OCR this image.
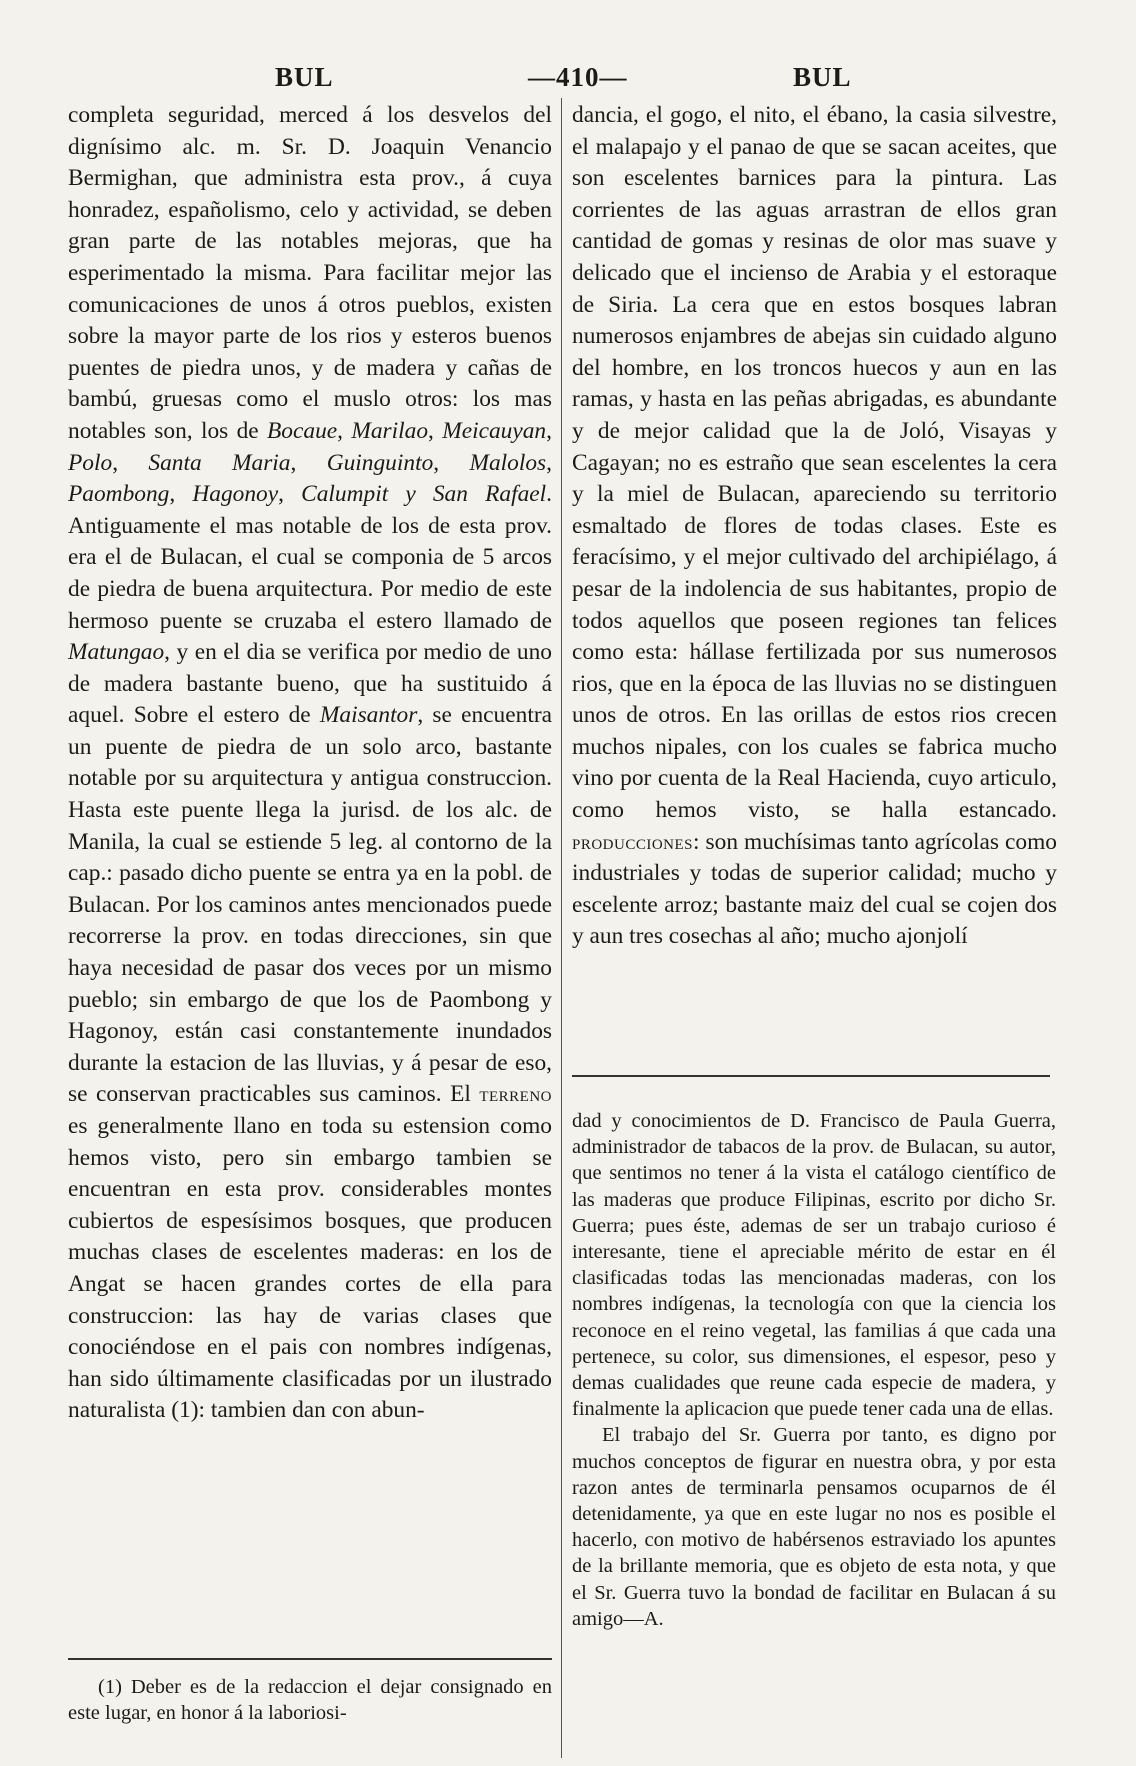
BUL	—410—	BUL
completa seguridad, merced á los desvelos del dignísimo alc. m. Sr. D. Joaquin Venancio Bermighan, que administra esta prov., á cuya honradez, españolismo, celo y actividad, se deben gran parte de las notables mejoras, que ha esperimentado la misma. Para facilitar mejor las comunicaciones de unos á otros pueblos, existen sobre la mayor parte de los rios y esteros buenos puentes de piedra unos, y de madera y cañas de bambú, gruesas como el muslo otros: los mas notables son, los de Bocaue, Marilao, Meicauyan, Polo, Santa Maria, Guinguinto, Malolos, Paombong, Hagonoy, Calumpit y San Rafael. Antiguamente el mas notable de los de esta prov. era el de Bulacan, el cual se componia de 5 arcos de piedra de buena arquitectura. Por medio de este hermoso puente se cruzaba el estero llamado de Matungao, y en el dia se verifica por medio de uno de madera bastante bueno, que ha sustituido á aquel. Sobre el estero de Maisantor, se encuentra un puente de piedra de un solo arco, bastante notable por su arquitectura y antigua construccion. Hasta este puente llega la jurisd. de los alc. de Manila, la cual se estiende 5 leg. al contorno de la cap.: pasado dicho puente se entra ya en la pobl. de Bulacan. Por los caminos antes mencionados puede recorrerse la prov. en todas direcciones, sin que haya necesidad de pasar dos veces por un mismo pueblo; sin embargo de que los de Paombong y Hagonoy, están casi constantemente inundados durante la estacion de las lluvias, y á pesar de eso, se conservan practicables sus caminos. El terreno es generalmente llano en toda su estension como hemos visto, pero sin embargo tambien se encuentran en esta prov. considerables montes cubiertos de espesísimos bosques, que producen muchas clases de escelentes maderas: en los de Angat se hacen grandes cortes de ella para construccion: las hay de varias clases que conociéndose en el pais con nombres indígenas, han sido últimamente clasificadas por un ilustrado naturalista (1): tambien dan con abun-
dancia, el gogo, el nito, el ébano, la casia silvestre, el malapajo y el panao de que se sacan aceites, que son escelentes barnices para la pintura. Las corrientes de las aguas arrastran de ellos gran cantidad de gomas y resinas de olor mas suave y delicado que el incienso de Arabia y el estoraque de Siria. La cera que en estos bosques labran numerosos enjambres de abejas sin cuidado alguno del hombre, en los troncos huecos y aun en las ramas, y hasta en las peñas abrigadas, es abundante y de mejor calidad que la de Joló, Visayas y Cagayan; no es estraño que sean escelentes la cera y la miel de Bulacan, apareciendo su territorio esmaltado de flores de todas clases. Este es feracísimo, y el mejor cultivado del archipiélago, á pesar de la indolencia de sus habitantes, propio de todos aquellos que poseen regiones tan felices como esta: hállase fertilizada por sus numerosos rios, que en la época de las lluvias no se distinguen unos de otros. En las orillas de estos rios crecen muchos nipales, con los cuales se fabrica mucho vino por cuenta de la Real Hacienda, cuyo articulo, como hemos visto, se halla estancado. producciones: son muchísimas tanto agrícolas como industriales y todas de superior calidad; mucho y escelente arroz; bastante maiz del cual se cojen dos y aun tres cosechas al año; mucho ajonjolí

dad y conocimientos de D. Francisco de Paula Guerra, administrador de tabacos de la prov. de Bulacan, su autor, que sentimos no tener á la vista el catálogo científico de las maderas que produce Filipinas, escrito por dicho Sr. Guerra; pues éste, ademas de ser un trabajo curioso é interesante, tiene el apreciable mérito de estar en él clasificadas todas las mencionadas maderas, con los nombres indígenas, la tecnología con que la ciencia los reconoce en el reino vegetal, las familias á que cada una pertenece, su color, sus dimensiones, el espesor, peso y demas cualidades que reune cada especie de madera, y finalmente la aplicacion que puede tener cada una de ellas.

El trabajo del Sr. Guerra por tanto, es digno por muchos conceptos de figurar en nuestra obra, y por esta razon antes de terminarla pensamos ocuparnos de él detenidamente, ya que en este lugar no nos es posible el hacerlo, con motivo de habérsenos estraviado los apuntes de la brillante memoria, que es objeto de esta nota, y que el Sr. Guerra tuvo la bondad de facilitar en Bulacan á su amigo—A.

(1) Deber es de la redaccion el dejar consignado en este lugar, en honor á la laboriosi-
